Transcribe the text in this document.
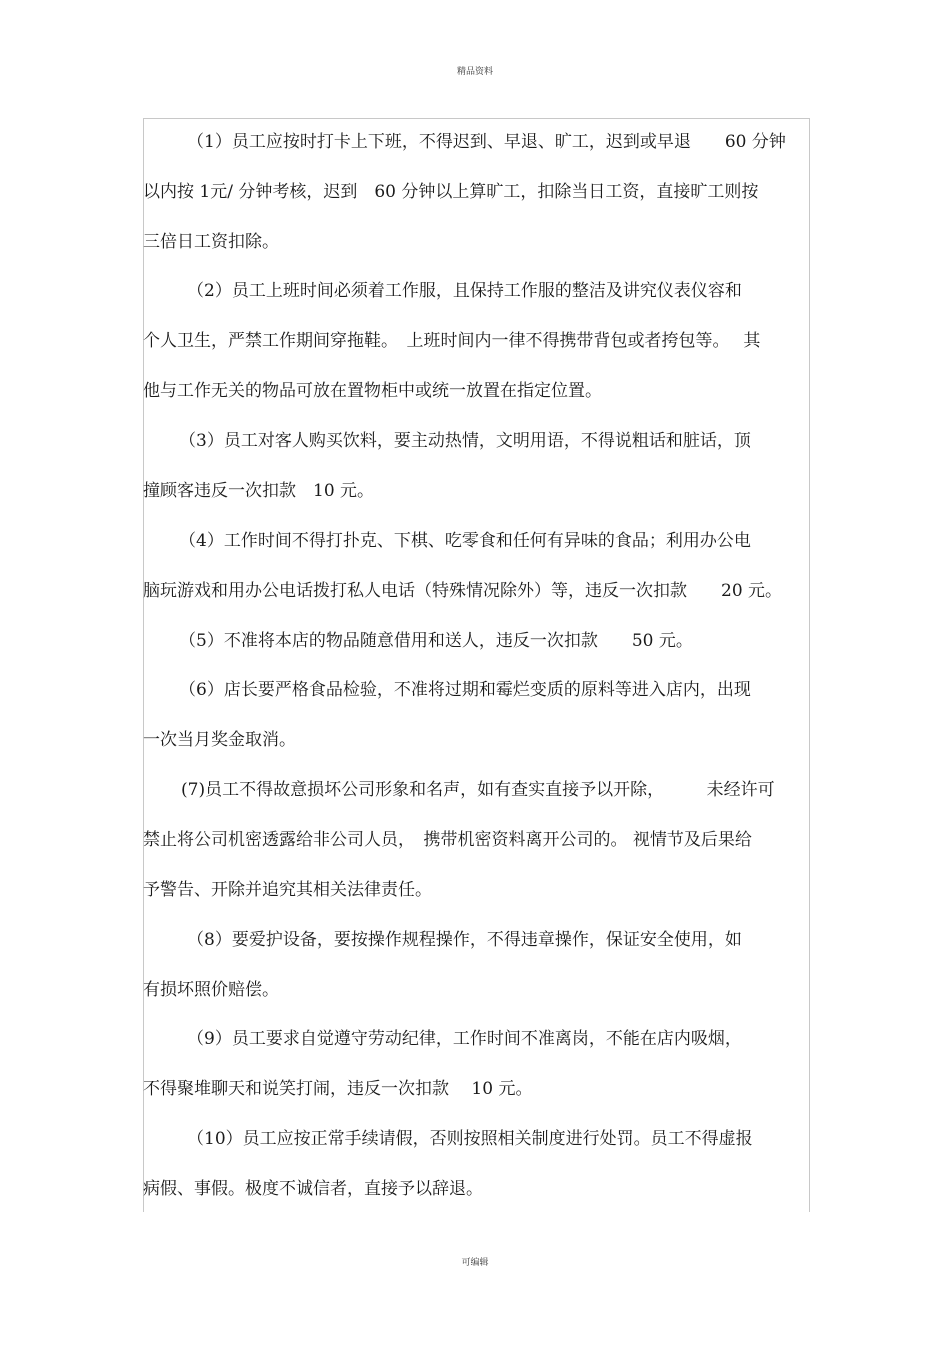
精品资料
（1）员工应按时打卡上下班，不得迟到、早退、旷工，迟到或早退　　60 分钟
以内按 1元/ 分钟考核，迟到　60 分钟以上算旷工，扣除当日工资，直接旷工则按
三倍日工资扣除。
（2）员工上班时间必须着工作服，且保持工作服的整洁及讲究仪表仪容和
个人卫生，严禁工作期间穿拖鞋。　上班时间内一律不得携带背包或者挎包等。　 其
他与工作无关的物品可放在置物柜中或统一放置在指定位置。
（3）员工对客人购买饮料，要主动热情，文明用语，不得说粗话和脏话，顶
撞顾客违反一次扣款　10 元。
（4）工作时间不得打扑克、下棋、吃零食和任何有异味的食品；利用办公电
脑玩游戏和用办公电话拨打私人电话（特殊情况除外）等，违反一次扣款　　20 元。
（5）不准将本店的物品随意借用和送人，违反一次扣款　　50 元。
（6）店长要严格食品检验，不准将过期和霉烂变质的原料等进入店内，出现
一次当月奖金取消。
(7)员工不得故意损坏公司形象和名声，如有查实直接予以开除，　　　未经许可
禁止将公司机密透露给非公司人员，　携带机密资料离开公司的。 视情节及后果给
予警告、开除并追究其相关法律责任。
（8）要爱护设备，要按操作规程操作，不得违章操作，保证安全使用，如
有损坏照价赔偿。
（9）员工要求自觉遵守劳动纪律，工作时间不准离岗，不能在店内吸烟，
不得聚堆聊天和说笑打闹，违反一次扣款　 10 元。
（10）员工应按正常手续请假，否则按照相关制度进行处罚。员工不得虚报
病假、事假。极度不诚信者，直接予以辞退。
可编辑
